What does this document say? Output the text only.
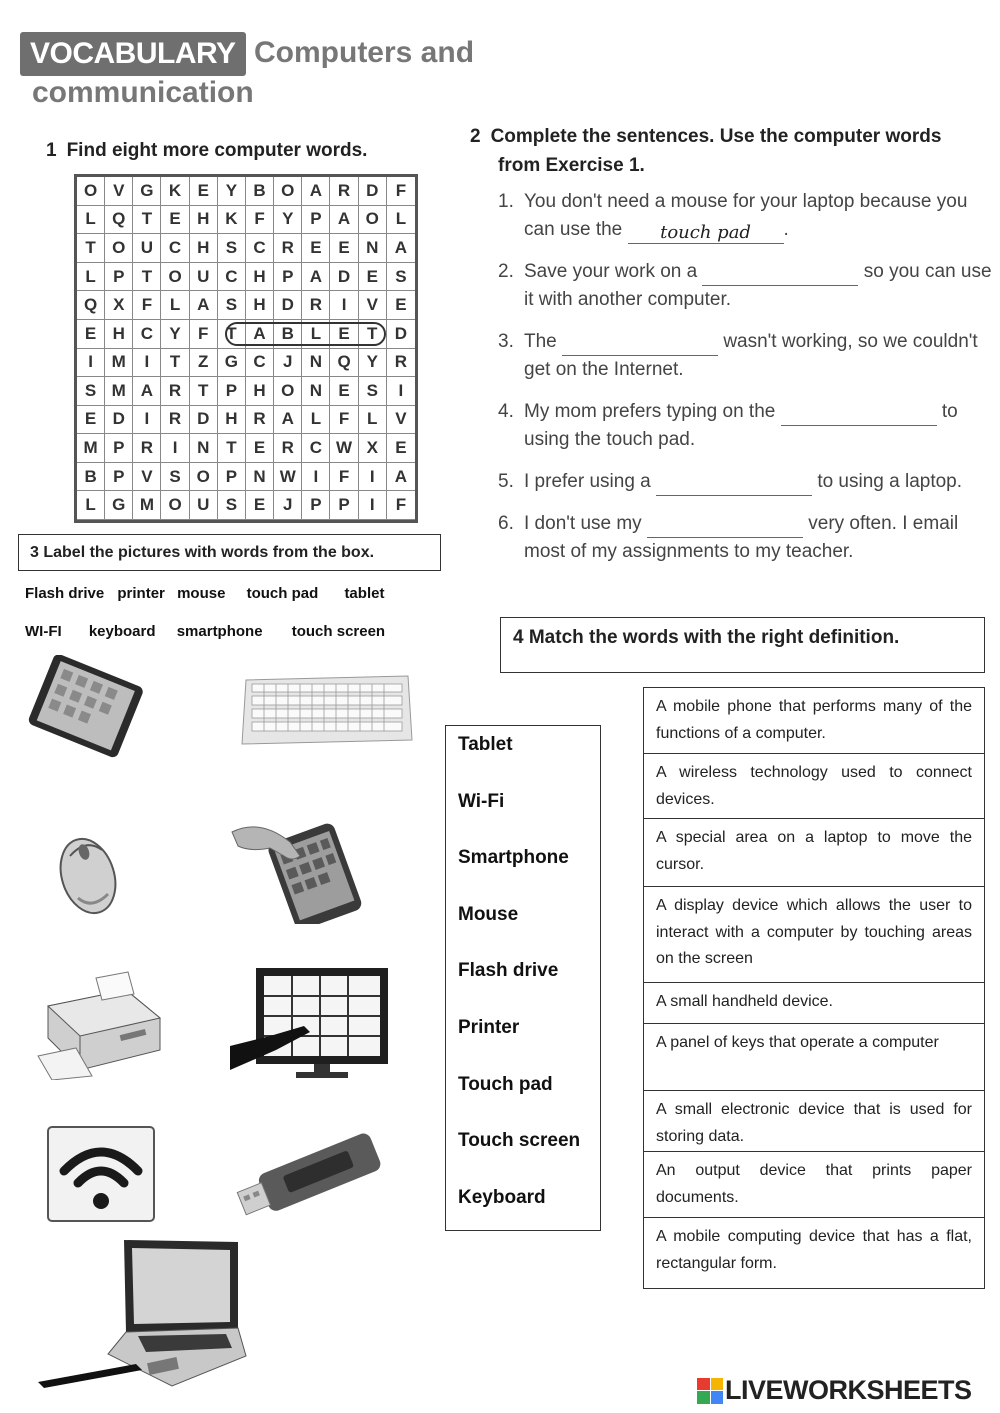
VOCABULARY Computers and
communication
1 Find eight more computer words.
O V G K E Y B O A R D	F
L Q T	E H K F	Y P A O L
T O U C H S C R E E N A
L	P	T O U C H P A D E	S
Q X	F	L A S H D R	I	V	E
E H C Y	F	T A B L	E	T	D
I	M	I	T	Z G C	J	N Q Y R
S M A R T	P H O N E S	I
E D	I	R D H R A L	F	L	V
M P R	I	N T	E R C W X	E
B P V S O P N W	I	F	I	A
L G M O U S E	J	P P	I	F
2 Complete the sentences. Use the computer words
from Exercise 1.
1. You don't need a mouse for your laptop because you can use the touch pad .
2. Save your work on a	so you can use it with another computer.
3. The	wasn't working, so we couldn't get on the Internet.
4. My mom prefers typing on the	to using the touch pad.
5. I prefer using a	to using a laptop.
6. I don't use my	very often. I email most of my assignments to my teacher.
3 Label the pictures with words from the box.
Flash drive printer mouse touch pad tablet
WI-FI keyboard smartphone touch screen	4 Match the words with the right definition.
Tablet
Wi-Fi
Smartphone
Mouse
Flash drive
Printer
Touch pad
Touch screen
Keyboard
A mobile phone that performs many of the functions of a computer.
A wireless technology used to connect devices.
A special area on a laptop to move the cursor.
A display device which allows the user to interact with a computer by touching areas on the screen
A small handheld device.
A panel of keys that operate a computer
A small electronic device that is used for storing data.
An output device that prints paper documents.
A mobile computing device that has a flat, rectangular form.
LIVEWORKSHEETS
